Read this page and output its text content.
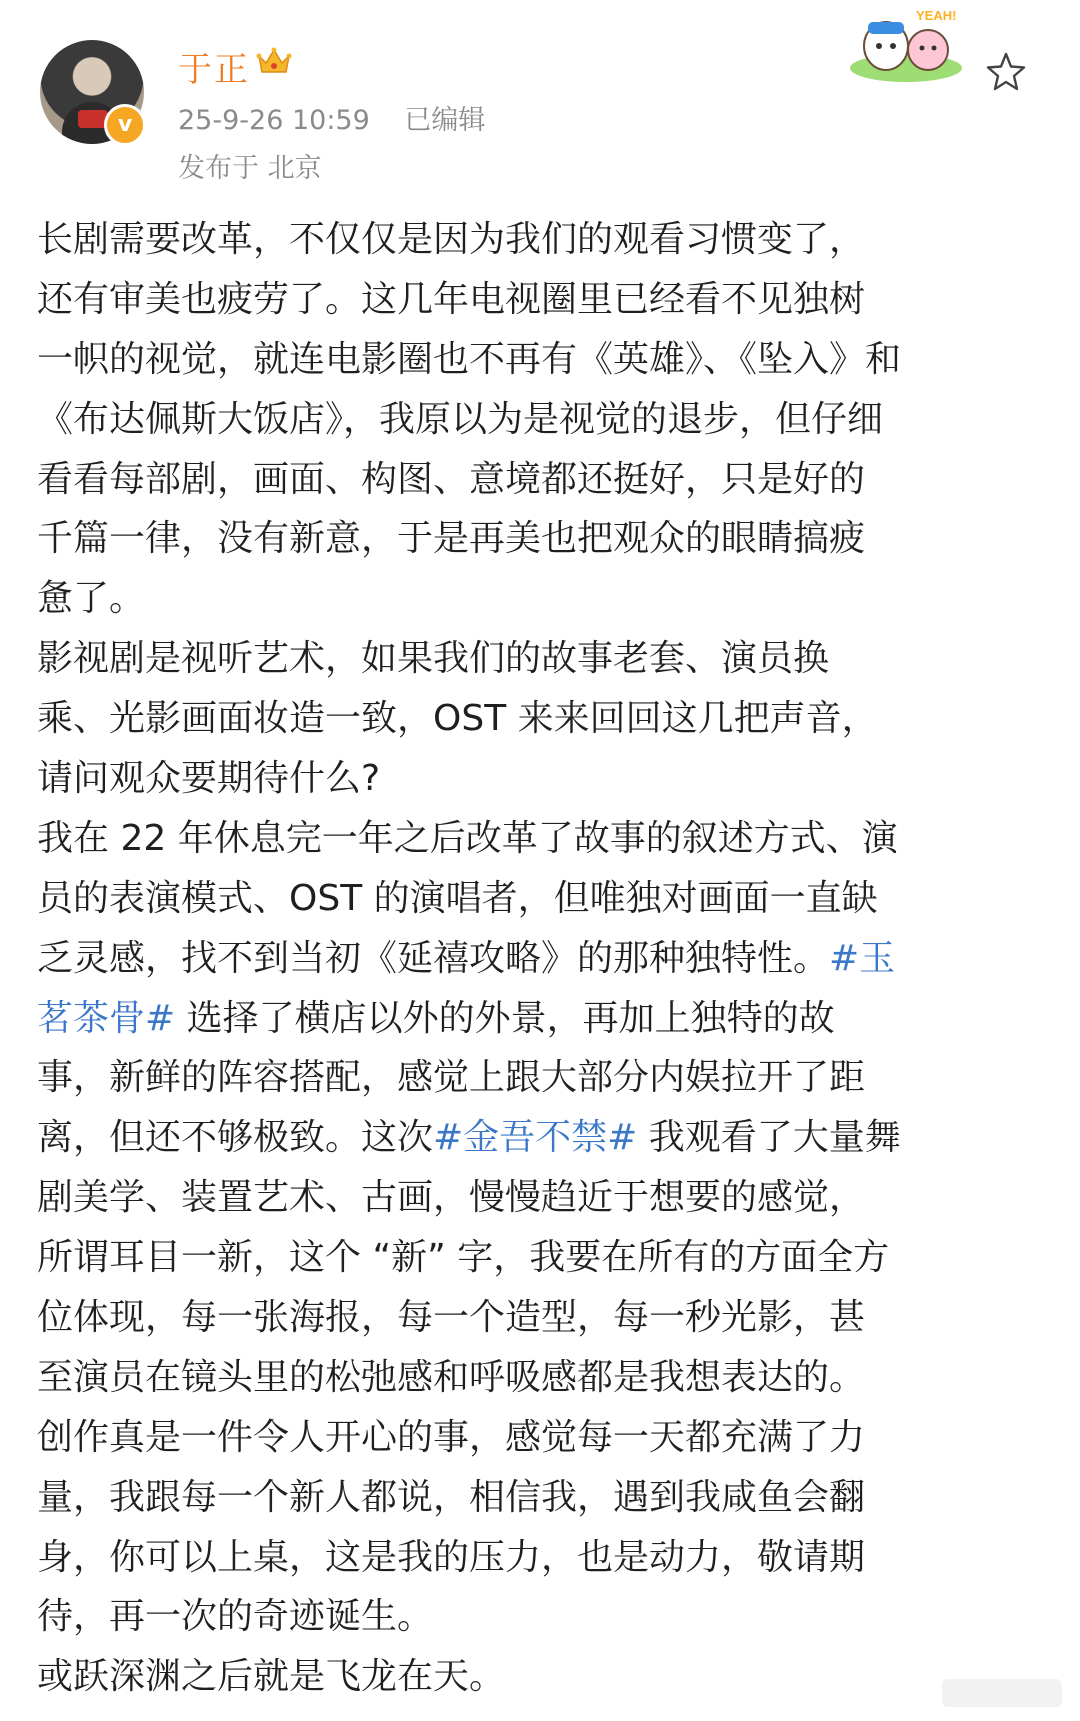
v
于正
25-9-26 10:59 已编辑
发布于 北京
YEAH!
长剧需要改革，不仅仅是因为我们的观看习惯变了，
还有审美也疲劳了。这几年电视圈里已经看不见独树
一帜的视觉，就连电影圈也不再有《英雄》、《坠入》和
《布达佩斯大饭店》，我原以为是视觉的退步，但仔细
看看每部剧，画面、构图、意境都还挺好，只是好的
千篇一律，没有新意，于是再美也把观众的眼睛搞疲
惫了。
影视剧是视听艺术，如果我们的故事老套、演员换
乘、光影画面妆造一致，OST 来来回回这几把声音，
请问观众要期待什么?
我在 22 年休息完一年之后改革了故事的叙述方式、演
员的表演模式、OST 的演唱者，但唯独对画面一直缺
乏灵感，找不到当初《延禧攻略》的那种独特性。#玉
茗茶骨# 选择了横店以外的外景，再加上独特的故
事，新鲜的阵容搭配，感觉上跟大部分内娱拉开了距
离，但还不够极致。这次#金吾不禁# 我观看了大量舞
剧美学、装置艺术、古画，慢慢趋近于想要的感觉，
所谓耳目一新，这个 “新” 字，我要在所有的方面全方
位体现，每一张海报，每一个造型，每一秒光影，甚
至演员在镜头里的松弛感和呼吸感都是我想表达的。
创作真是一件令人开心的事，感觉每一天都充满了力
量，我跟每一个新人都说，相信我，遇到我咸鱼会翻
身，你可以上桌，这是我的压力，也是动力，敬请期
待，再一次的奇迹诞生。
或跃深渊之后就是飞龙在天。
